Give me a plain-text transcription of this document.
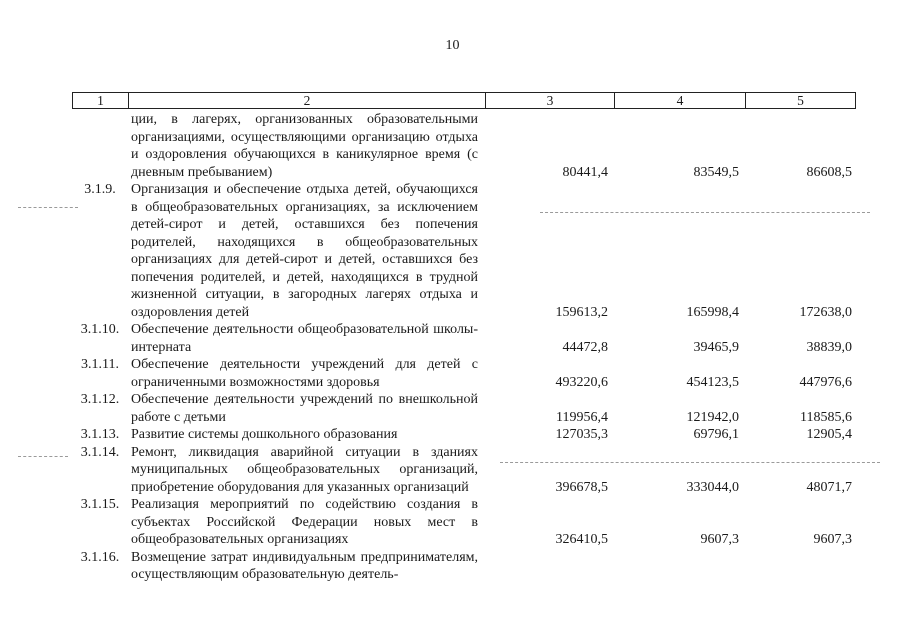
10
1	2	3	4	5
ции, в лагерях, организованных образовательными организациями, осуществляющими организацию отдыха и оздоровления обучающихся в каникулярное время (с дневным пребыванием)	80441,4	83549,5	86608,5
3.1.9.	Организация и обеспечение отдыха детей, обучающихся в общеобразовательных организациях, за исключением детей-сирот и детей, оставшихся без попечения родителей, находящихся в общеобразовательных организациях для детей-сирот и детей, оставшихся без попечения родителей, и детей, находящихся в трудной жизненной ситуации, в загородных лагерях отдыха и оздоровления детей	159613,2	165998,4	172638,0
3.1.10. Обеспечение деятельности общеобразовательной школы-интерната	44472,8	39465,9	38839,0
3.1.11. Обеспечение деятельности учреждений для детей с ограниченными возможностями здоровья	493220,6	454123,5	447976,6
3.1.12. Обеспечение деятельности учреждений по внешкольной работе с детьми	119956,4	121942,0	118585,6
3.1.13. Развитие системы дошкольного образования	127035,3	69796,1	12905,4
3.1.14. Ремонт, ликвидация аварийной ситуации в зданиях муниципальных общеобразовательных организаций, приобретение оборудования для указанных организаций	396678,5	333044,0	48071,7
3.1.15. Реализация мероприятий по содействию создания в субъектах Российской Федерации новых мест в общеобразовательных организациях	326410,5	9607,3	9607,3
3.1.16. Возмещение затрат индивидуальным предпринимателям, осуществляющим образовательную деятель-
